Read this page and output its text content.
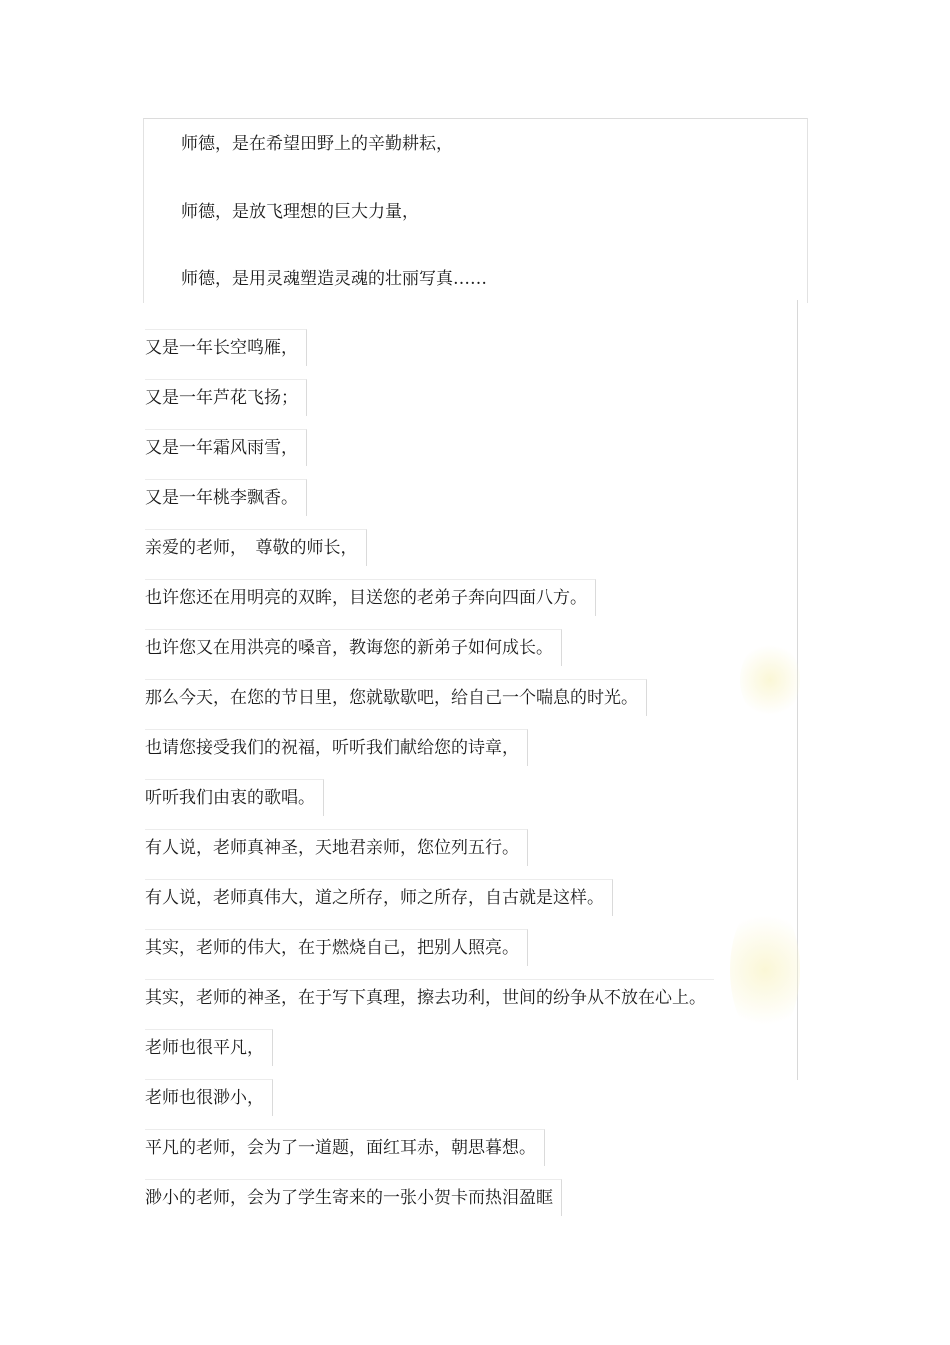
师德，是在希望田野上的辛勤耕耘，
师德，是放飞理想的巨大力量，
师德，是用灵魂塑造灵魂的壮丽写真……
又是一年长空鸣雁，
又是一年芦花飞扬；
又是一年霜风雨雪，
又是一年桃李飘香。
亲爱的老师，　尊敬的师长，
也许您还在用明亮的双眸，目送您的老弟子奔向四面八方。
也许您又在用洪亮的嗓音，教诲您的新弟子如何成长。
那么今天，在您的节日里，您就歇歇吧，给自己一个喘息的时光。
也请您接受我们的祝福，听听我们献给您的诗章，
听听我们由衷的歌唱。
有人说，老师真神圣，天地君亲师，您位列五行。
有人说，老师真伟大，道之所存，师之所存，自古就是这样。
其实，老师的伟大，在于燃烧自己，把别人照亮。
其实，老师的神圣，在于写下真理，擦去功利，世间的纷争从不放在心上。
老师也很平凡，
老师也很渺小，
平凡的老师，会为了一道题，面红耳赤，朝思暮想。
渺小的老师，会为了学生寄来的一张小贺卡而热泪盈眶
